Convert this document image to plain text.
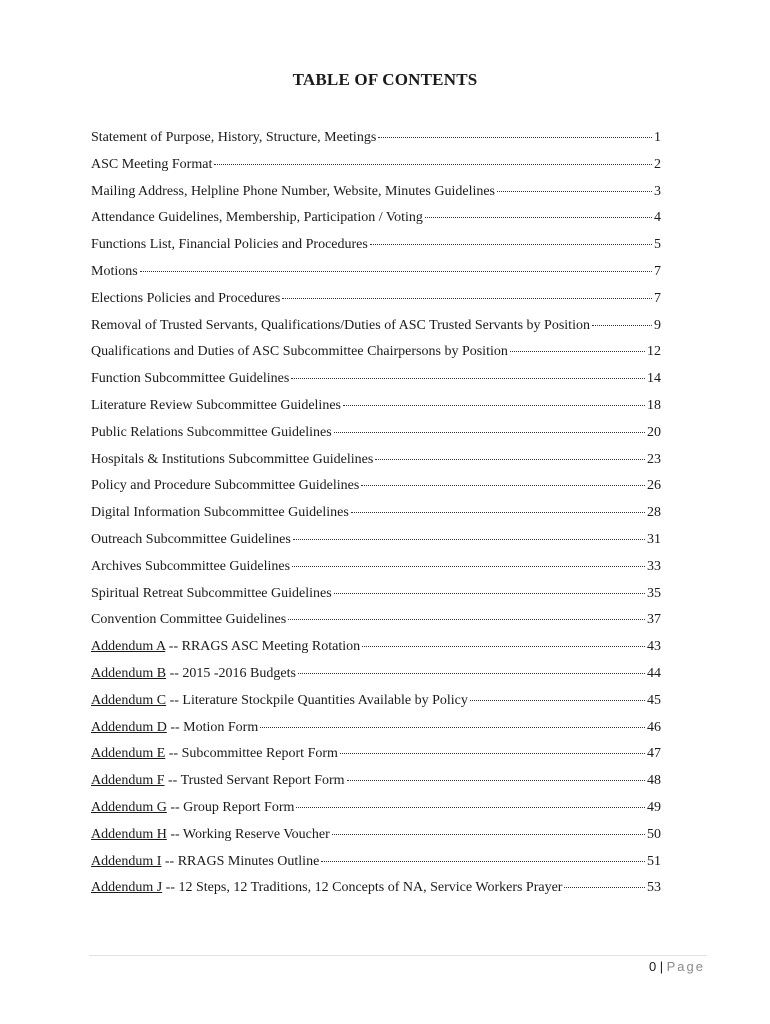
TABLE OF CONTENTS
Statement of Purpose, History, Structure, Meetings	1
ASC Meeting Format	2
Mailing Address, Helpline Phone Number, Website, Minutes Guidelines	3
Attendance Guidelines, Membership, Participation / Voting	4
Functions List, Financial Policies and Procedures	5
Motions	7
Elections Policies and Procedures	7
Removal of Trusted Servants, Qualifications/Duties of ASC Trusted Servants by Position	9
Qualifications and Duties of ASC Subcommittee Chairpersons by Position	12
Function Subcommittee Guidelines	14
Literature Review Subcommittee Guidelines	18
Public Relations Subcommittee Guidelines	20
Hospitals & Institutions Subcommittee Guidelines	23
Policy and Procedure Subcommittee Guidelines	26
Digital Information Subcommittee Guidelines	28
Outreach Subcommittee Guidelines	31
Archives Subcommittee Guidelines	33
Spiritual Retreat Subcommittee Guidelines	35
Convention Committee Guidelines	37
Addendum A -- RRAGS ASC Meeting Rotation	43
Addendum B -- 2015 -2016 Budgets	44
Addendum C -- Literature Stockpile Quantities Available by Policy	45
Addendum D -- Motion Form	46
Addendum E -- Subcommittee Report Form	47
Addendum F -- Trusted Servant Report Form	48
Addendum G -- Group Report Form	49
Addendum H -- Working Reserve Voucher	50
Addendum I -- RRAGS Minutes Outline	51
Addendum J -- 12 Steps, 12 Traditions, 12 Concepts of NA, Service Workers Prayer	53
0 | Page
